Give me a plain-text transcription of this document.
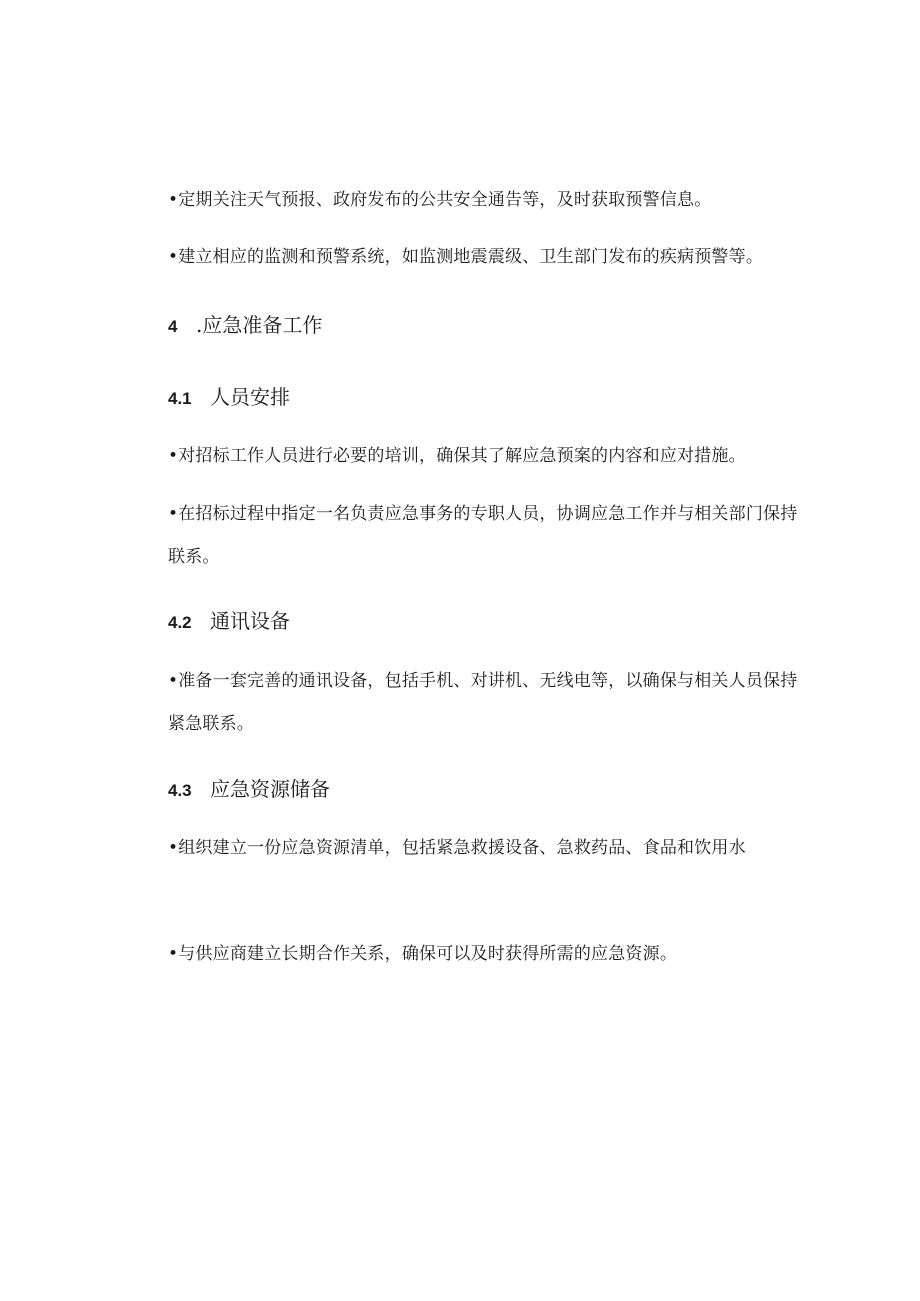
•定期关注天气预报、政府发布的公共安全通告等，及时获取预警信息。
•建立相应的监测和预警系统，如监测地震震级、卫生部门发布的疾病预警等。
4 .应急准备工作
4.1 人员安排
•对招标工作人员进行必要的培训，确保其了解应急预案的内容和应对措施。
•在招标过程中指定一名负责应急事务的专职人员，协调应急工作并与相关部门保持
联系。
4.2 通讯设备
•准备一套完善的通讯设备，包括手机、对讲机、无线电等，以确保与相关人员保持
紧急联系。
4.3 应急资源储备
•组织建立一份应急资源清单，包括紧急救援设备、急救药品、食品和饮用水
•与供应商建立长期合作关系，确保可以及时获得所需的应急资源。
